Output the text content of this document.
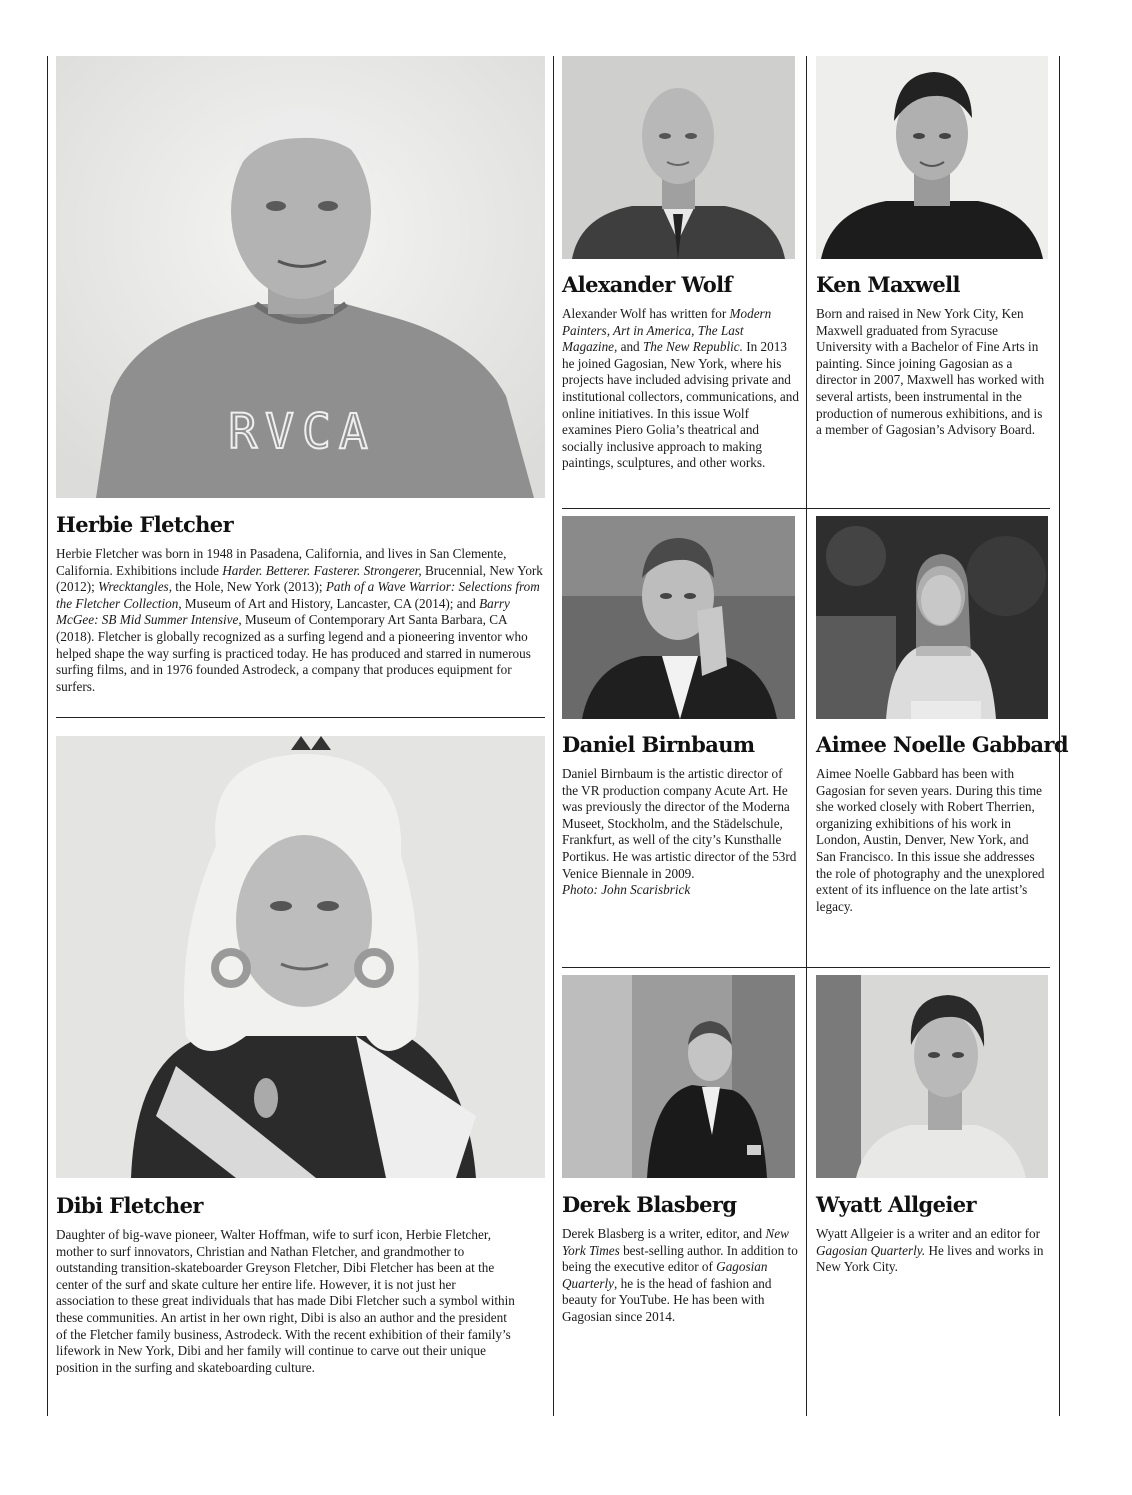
RVCA
Herbie Fletcher

Herbie Fletcher was born in 1948 in Pasadena, California, and lives in San Clemente, California. Exhibitions include Harder. Betterer. Fasterer. Strongerer, Brucennial, New York (2012); Wrecktangles, the Hole, New York (2013); Path of a Wave Warrior: Selections from the Fletcher Collection, Museum of Art and History, Lancaster, CA (2014); and Barry McGee: SB Mid Summer Intensive, Museum of Contemporary Art Santa Barbara, CA (2018). Fletcher is globally recognized as a surfing legend and a pioneering inventor who helped shape the way surfing is practiced today. He has produced and starred in numerous surfing films, and in 1976 founded Astrodeck, a company that produces equipment for surfers.

Dibi Fletcher

Daughter of big-wave pioneer, Walter Hoffman, wife to surf icon, Herbie Fletcher, mother to surf innovators, Christian and Nathan Fletcher, and grandmother to outstanding transition-skateboarder Greyson Fletcher, Dibi Fletcher has been at the center of the surf and skate culture her entire life. However, it is not just her association to these great individuals that has made Dibi Fletcher such a symbol within these communities. An artist in her own right, Dibi is also an author and the president of the Fletcher family business, Astrodeck. With the recent exhibition of their family’s lifework in New York, Dibi and her family will continue to carve out their unique position in the surfing and skateboarding culture.

Alexander Wolf

Alexander Wolf has written for Modern Painters, Art in America, The Last Magazine, and The New Republic. In 2013 he joined Gagosian, New York, where his projects have included advising private and institutional collectors, communications, and online initiatives. In this issue Wolf examines Piero Golia’s theatrical and socially inclusive approach to making paintings, sculptures, and other works.

Ken Maxwell

Born and raised in New York City, Ken Maxwell graduated from Syracuse University with a Bachelor of Fine Arts in painting. Since joining Gagosian as a director in 2007, Maxwell has worked with several artists, been instrumental in the production of numerous exhibitions, and is a member of Gagosian’s Advisory Board.

Daniel Birnbaum

Daniel Birnbaum is the artistic director of the VR production company Acute Art. He was previously the director of the Moderna Museet, Stockholm, and the Städelschule, Frankfurt, as well of the city’s Kunsthalle Portikus. He was artistic director of the 53rd Venice Biennale in 2009.
Photo: John Scarisbrick

Aimee Noelle Gabbard

Aimee Noelle Gabbard has been with Gagosian for seven years. During this time she worked closely with Robert Therrien, organizing exhibitions of his work in London, Austin, Denver, New York, and San Francisco. In this issue she addresses the role of photography and the unexplored extent of its influence on the late artist’s legacy.

Derek Blasberg

Derek Blasberg is a writer, editor, and New York Times best-selling author. In addition to being the executive editor of Gagosian Quarterly, he is the head of fashion and beauty for YouTube. He has been with Gagosian since 2014.

Wyatt Allgeier

Wyatt Allgeier is a writer and an editor for Gagosian Quarterly. He lives and works in New York City.
